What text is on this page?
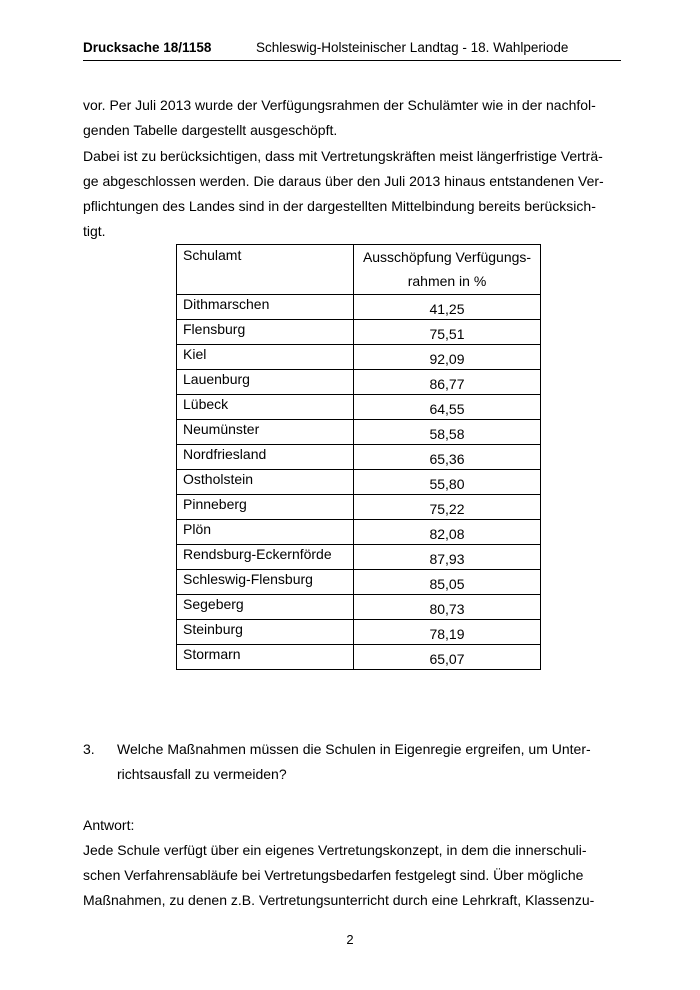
Drucksache 18/1158	Schleswig-Holsteinischer Landtag - 18. Wahlperiode

vor. Per Juli 2013 wurde der Verfügungsrahmen der Schulämter wie in der nachfol-
genden Tabelle dargestellt ausgeschöpft.

Dabei ist zu berücksichtigen, dass mit Vertretungskräften meist längerfristige Verträ-
ge abgeschlossen werden. Die daraus über den Juli 2013 hinaus entstandenen Ver-
pflichtungen des Landes sind in der dargestellten Mittelbindung bereits berücksich-
tigt.

Schulamt	Ausschöpfung Verfügungs-
rahmen in %

Dithmarschen	41,25
Flensburg	75,51
Kiel	92,09
Lauenburg	86,77
Lübeck	64,55
Neumünster	58,58
Nordfriesland	65,36
Ostholstein	55,80
Pinneberg	75,22
Plön	82,08
Rendsburg-Eckernförde	87,93
Schleswig-Flensburg	85,05
Segeberg	80,73
Steinburg	78,19
Stormarn	65,07
3. Welche Maßnahmen müssen die Schulen in Eigenregie ergreifen, um Unter-
richtsausfall zu vermeiden?
Antwort:

Jede Schule verfügt über ein eigenes Vertretungskonzept, in dem die innerschuli-
schen Verfahrensabläufe bei Vertretungsbedarfen festgelegt sind. Über mögliche
Maßnahmen, zu denen z.B. Vertretungsunterricht durch eine Lehrkraft, Klassenzu-

2
